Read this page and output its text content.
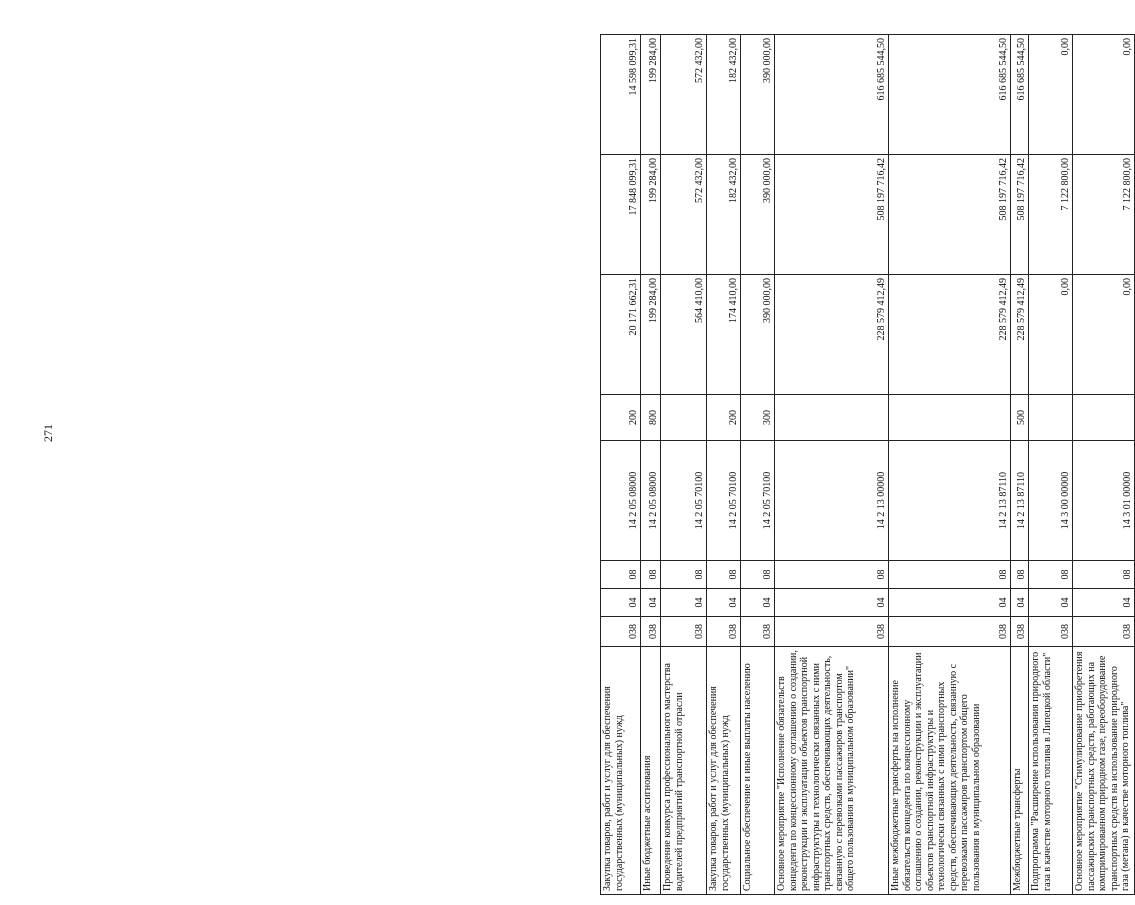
271
Закупка товаров, работ и услуг для обеспечения государственных (муниципальных) нужд	038	04	08	14 2 05 08000	200	20 171 662,31	17 848 099,31	14 598 099,31
Иные бюджетные ассигнования	038	04	08	14 2 05 08000	800	199 284,00	199 284,00	199 284,00
Проведение конкурса профессионального мастерства водителей предприятий транспортной отрасли	038	04	08	14 2 05 70100		564 410,00	572 432,00	572 432,00
Закупка товаров, работ и услуг для обеспечения государственных (муниципальных) нужд	038	04	08	14 2 05 70100	200	174 410,00	182 432,00	182 432,00
Социальное обеспечение и иные выплаты населению	038	04	08	14 2 05 70100	300	390 000,00	390 000,00	390 000,00
Основное мероприятие "Исполнение обязательств концедента по концессионному соглашению о создании, реконструкции и эксплуатации объектов транспортной инфраструктуры и технологически связанных с ними транспортных средств, обеспечивающих деятельность, связанную с перевозками пассажиров транспортом общего пользования в муниципальном образовании"	038	04	08	14 2 13 00000		228 579 412,49	508 197 716,42	616 685 544,50
Иные межбюджетные трансферты на исполнение обязательств концедента по концессионному соглашению о создании, реконструкции и эксплуатации объектов транспортной инфраструктуры и технологически связанных с ними транспортных средств, обеспечивающих деятельность, связанную с перевозками пассажиров транспортом общего пользования в муниципальном образовании	038	04	08	14 2 13 87110		228 579 412,49	508 197 716,42	616 685 544,50
Межбюджетные трансферты	038	04	08	14 2 13 87110	500	228 579 412,49	508 197 716,42	616 685 544,50
Подпрограмма "Расширение использования природного газа в качестве моторного топлива в Липецкой области"	038	04	08	14 3 00 00000		0,00	7 122 800,00	0,00
Основное мероприятие "Стимулирование приобретения пассажирских транспортных средств, работающих на компримированном природном газе, переоборудование транспортных средств на использование природного газа (метана) в качестве моторного топлива"	038	04	08	14 3 01 00000		0,00	7 122 800,00	0,00
